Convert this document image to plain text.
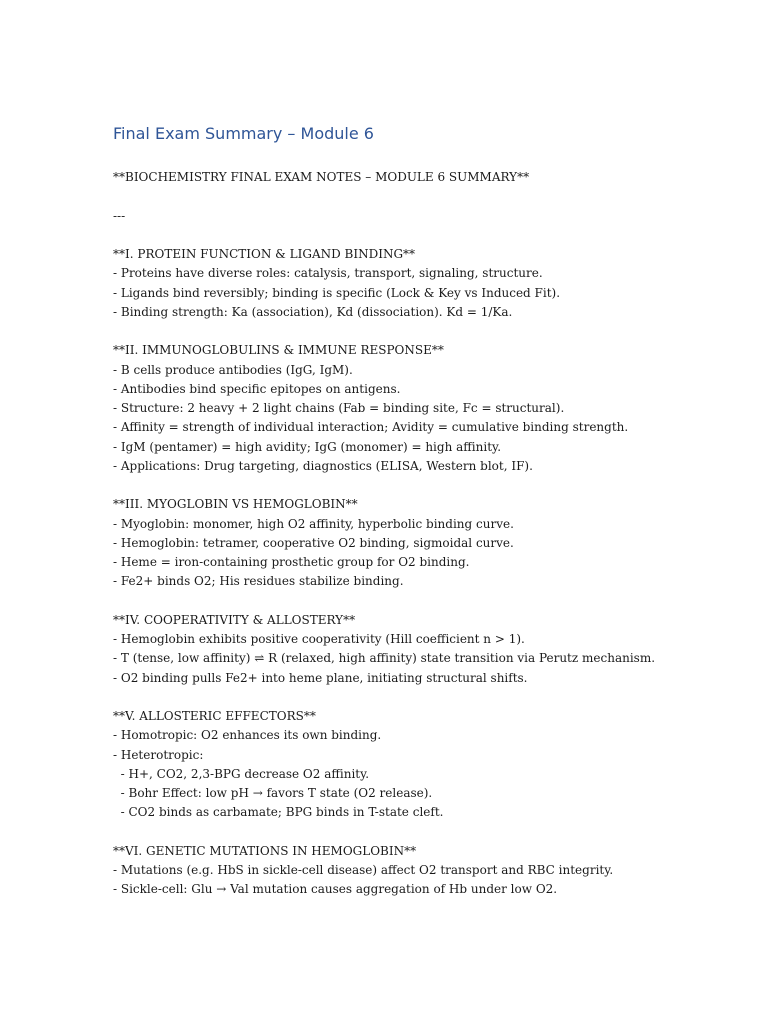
Final Exam Summary – Module 6
**BIOCHEMISTRY FINAL EXAM NOTES – MODULE 6 SUMMARY**
---
**I. PROTEIN FUNCTION & LIGAND BINDING**
- Proteins have diverse roles: catalysis, transport, signaling, structure.
- Ligands bind reversibly; binding is specific (Lock & Key vs Induced Fit).
- Binding strength: Ka (association), Kd (dissociation). Kd = 1/Ka.
**II. IMMUNOGLOBULINS & IMMUNE RESPONSE**
- B cells produce antibodies (IgG, IgM).
- Antibodies bind specific epitopes on antigens.
- Structure: 2 heavy + 2 light chains (Fab = binding site, Fc = structural).
- Affinity = strength of individual interaction; Avidity = cumulative binding strength.
- IgM (pentamer) = high avidity; IgG (monomer) = high affinity.
- Applications: Drug targeting, diagnostics (ELISA, Western blot, IF).
**III. MYOGLOBIN VS HEMOGLOBIN**
- Myoglobin: monomer, high O2 affinity, hyperbolic binding curve.
- Hemoglobin: tetramer, cooperative O2 binding, sigmoidal curve.
- Heme = iron-containing prosthetic group for O2 binding.
- Fe2+ binds O2; His residues stabilize binding.
**IV. COOPERATIVITY & ALLOSTERY**
- Hemoglobin exhibits positive cooperativity (Hill coefficient n > 1).
- T (tense, low affinity) ⇌ R (relaxed, high affinity) state transition via Perutz mechanism.
- O2 binding pulls Fe2+ into heme plane, initiating structural shifts.
**V. ALLOSTERIC EFFECTORS**
- Homotropic: O2 enhances its own binding.
- Heterotropic:
- H+, CO2, 2,3-BPG decrease O2 affinity.
- Bohr Effect: low pH → favors T state (O2 release).
- CO2 binds as carbamate; BPG binds in T-state cleft.
**VI. GENETIC MUTATIONS IN HEMOGLOBIN**
- Mutations (e.g. HbS in sickle-cell disease) affect O2 transport and RBC integrity.
- Sickle-cell: Glu → Val mutation causes aggregation of Hb under low O2.
